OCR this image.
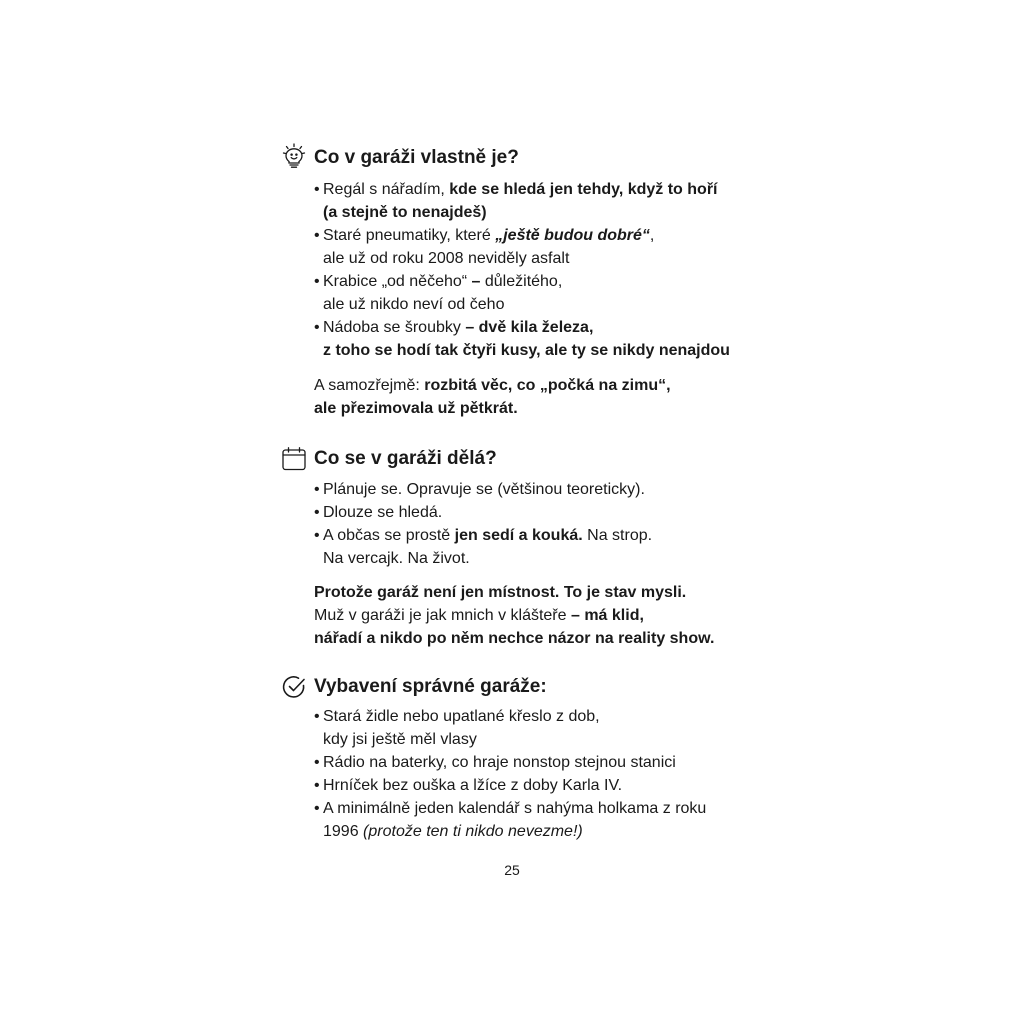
Co v garáži vlastně je?
• Regál s nářadím, kde se hledá jen tehdy, když to hoří
(a stejně to nenajdeš)
• Staré pneumatiky, které „ještě budou dobré“,
ale už od roku 2008 neviděly asfalt
• Krabice „od něčeho“ – důležitého,
ale už nikdo neví od čeho
• Nádoba se šroubky – dvě kila železa,
z toho se hodí tak čtyři kusy, ale ty se nikdy nenajdou
A samozřejmě: rozbitá věc, co „počká na zimu“,
ale přezimovala už pětkrát.
Co se v garáži dělá?
• Plánuje se. Opravuje se (většinou teoreticky).
• Dlouze se hledá.
• A občas se prostě jen sedí a kouká. Na strop.
Na vercajk. Na život.
Protože garáž není jen místnost. To je stav mysli.
Muž v garáži je jak mnich v klášteře – má klid,
nářadí a nikdo po něm nechce názor na reality show.
Vybavení správné garáže:
• Stará židle nebo upatlané křeslo z dob,
kdy jsi ještě měl vlasy
• Rádio na baterky, co hraje nonstop stejnou stanici
• Hrníček bez ouška a lžíce z doby Karla IV.
• A minimálně jeden kalendář s nahýma holkama z roku
1996 (protože ten ti nikdo nevezme!)
25
